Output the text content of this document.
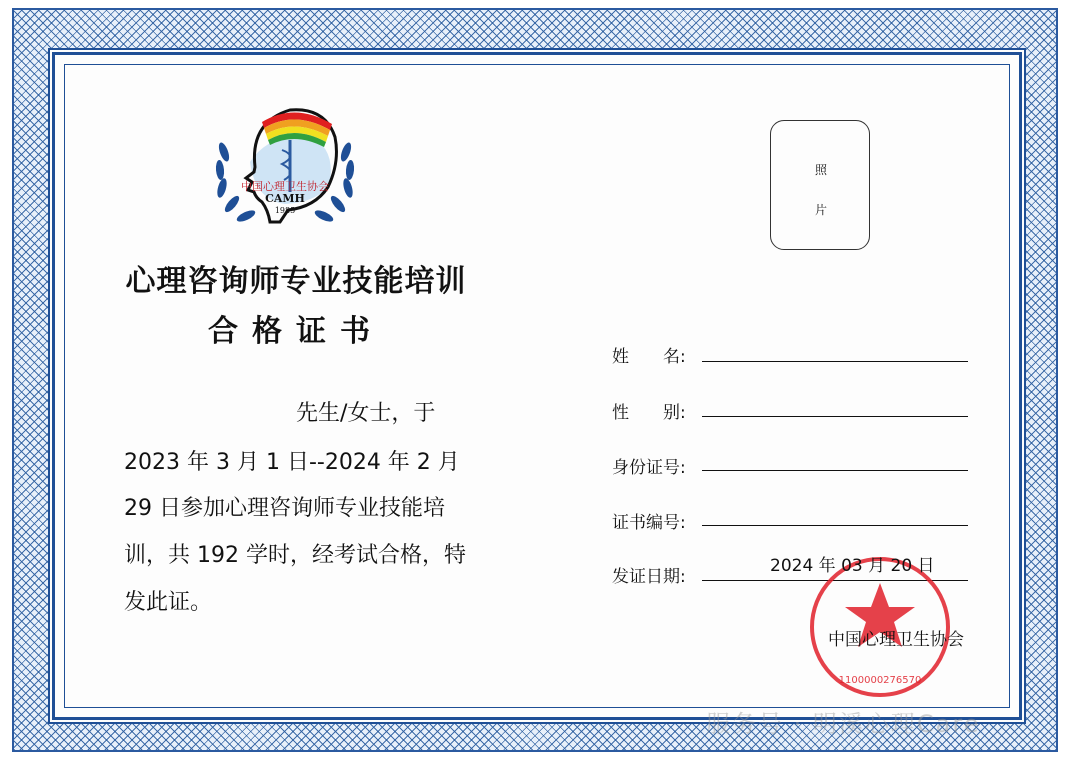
中国心理卫生协会
CAMH
1985
心理咨询师专业技能培训
合格证书
先生/女士，于
2023 年 3 月 1 日--2024 年 2 月
29 日参加心理咨询师专业技能培
训，共 192 学时，经考试合格，特
发此证。
照
片
姓　　名:
性　　别:
身份证号:
证书编号:
发证日期:
1100000276570
2024 年 03 月 20 日
中国心理卫生协会
服务号 · 明溪心理Care
